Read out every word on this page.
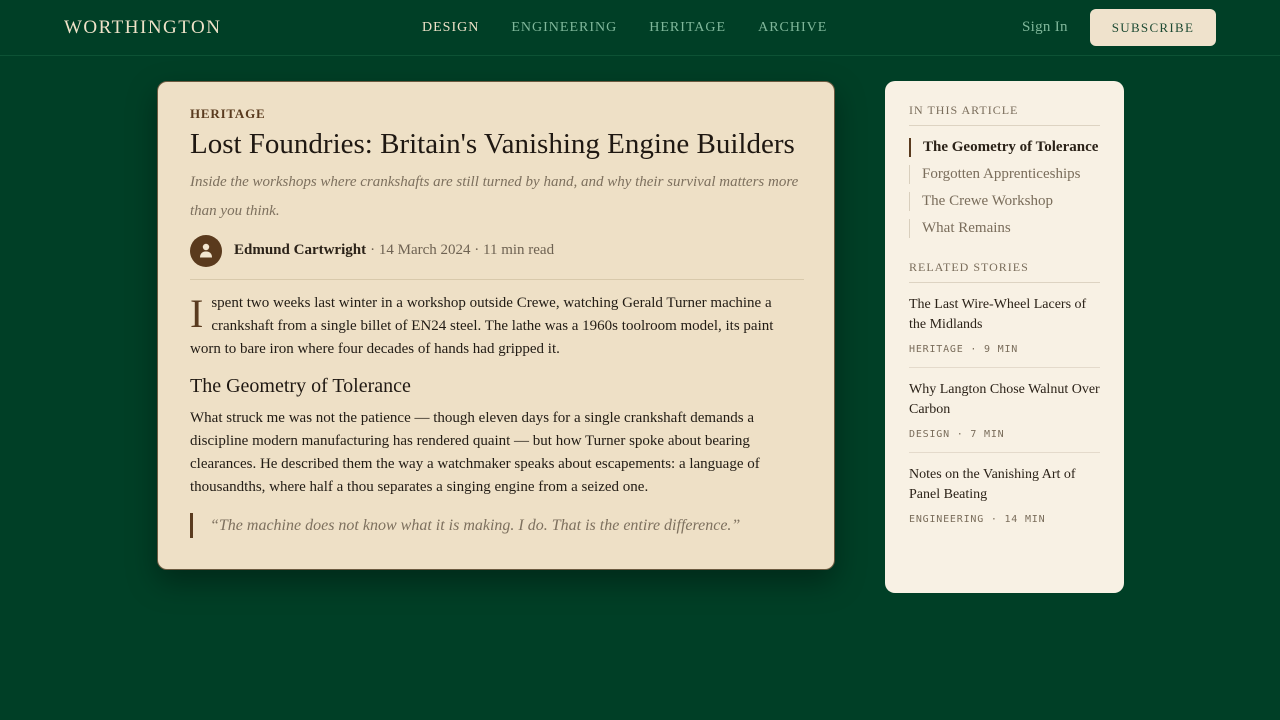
WORTHINGTON	DESIGN ENGINEERING HERITAGE ARCHIVE	Sign In	SUBSCRIBE
HERITAGE
Lost Foundries: Britain's Vanishing Engine Builders

Inside the workshops where crankshafts are still turned by hand, and why their survival matters more than you think.

Edmund Cartwright · 14 March 2024 · 11 min read

Ispent two weeks last winter in a workshop outside Crewe, watching Gerald Turner machine a crankshaft from a single billet of EN24 steel. The lathe was a 1960s toolroom model, its paint worn to bare iron where four decades of hands had gripped it.

The Geometry of Tolerance

What struck me was not the patience — though eleven days for a single crankshaft demands a discipline modern manufacturing has rendered quaint — but how Turner spoke about bearing clearances. He described them the way a watchmaker speaks about escapements: a language of thousandths, where half a thou separates a singing engine from a seized one.

“The machine does not know what it is making. I do. That is the entire difference.”
IN THIS ARTICLE
The Geometry of Tolerance
Forgotten Apprenticeships
The Crewe Workshop
What Remains
RELATED STORIES
The Last Wire-Wheel Lacers of the Midlands
HERITAGE · 9 MIN
Why Langton Chose Walnut Over Carbon
DESIGN · 7 MIN
Notes on the Vanishing Art of Panel Beating
ENGINEERING · 14 MIN
